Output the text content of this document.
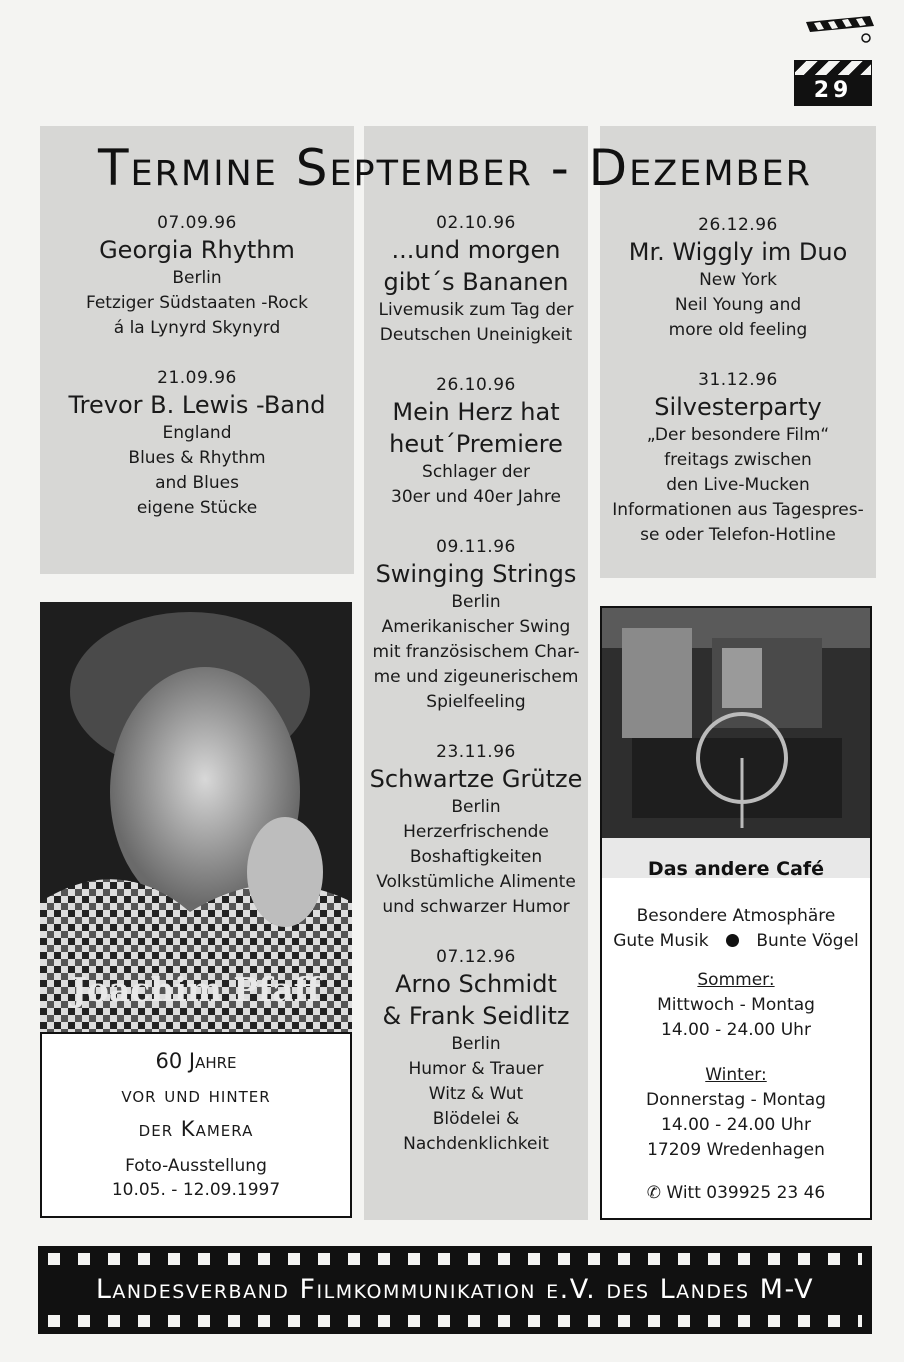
29
Termine September - Dezember
07.09.96
Georgia Rhythm
Berlin
Fetziger Südstaaten -Rock
á la Lynyrd Skynyrd
21.09.96
Trevor B. Lewis -Band
England
Blues & Rhythm
and Blues
eigene Stücke
02.10.96
...und morgen
gibt´s Bananen
Livemusik zum Tag der
Deutschen Uneinigkeit
26.10.96
Mein Herz hat
heut´Premiere
Schlager der
30er und 40er Jahre
09.11.96
Swinging Strings
Berlin
Amerikanischer Swing
mit französischem Char-
me und zigeunerischem
Spielfeeling
23.11.96
Schwartze Grütze
Berlin
Herzerfrischende
Boshaftigkeiten
Volkstümliche Alimente
und schwarzer Humor
07.12.96
Arno Schmidt
& Frank Seidlitz
Berlin
Humor & Trauer
Witz & Wut
Blödelei &
Nachdenklichkeit
26.12.96
Mr. Wiggly im Duo
New York
Neil Young and
more old feeling
31.12.96
Silvesterparty
„Der besondere Film“
freitags zwischen
den Live-Mucken
Informationen aus Tagespres-
se oder Telefon-Hotline
Joachim Pfaff
60 Jahre
vor und hinter
der Kamera
Foto-Ausstellung
10.05. - 12.09.1997
Das andere Café
Besondere Atmosphäre
Gute Musik	Bunte Vögel
Sommer:
Mittwoch - Montag
14.00 - 24.00 Uhr
Winter:
Donnerstag - Montag
14.00 - 24.00 Uhr
17209 Wredenhagen
✆ Witt 039925 23 46
Landesverband Filmkommunikation e.V. des Landes M-V
